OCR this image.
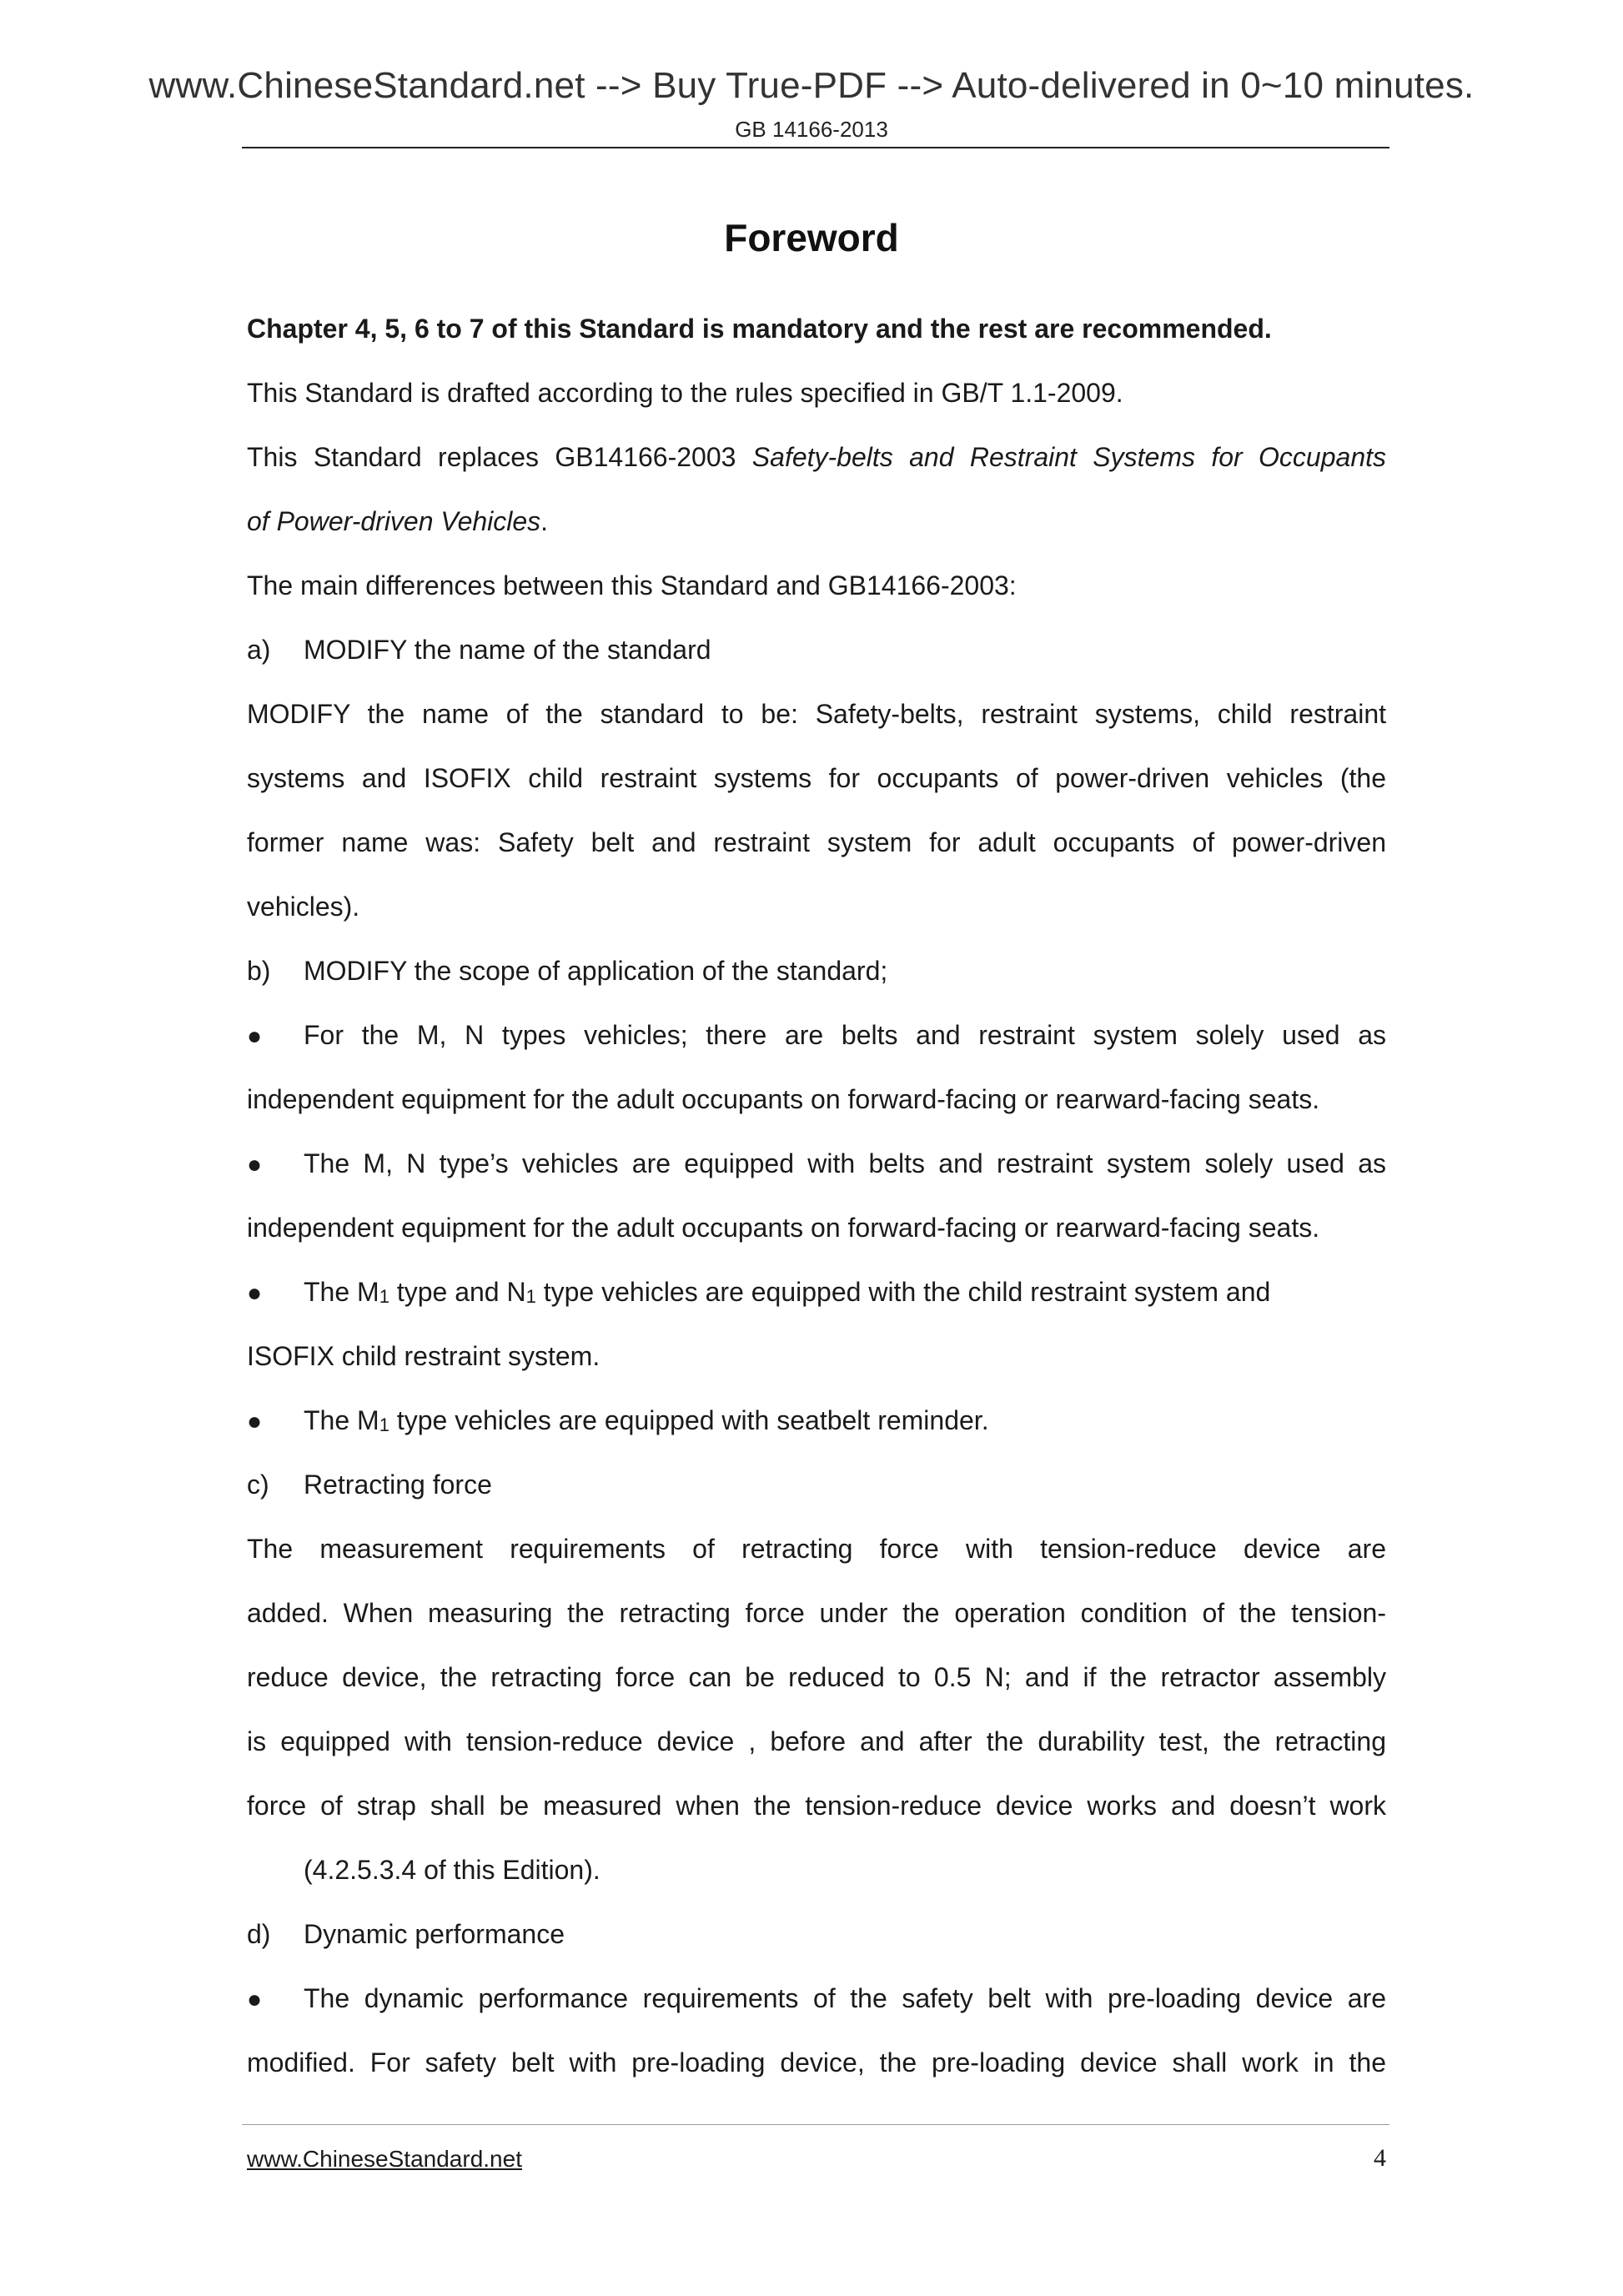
www.ChineseStandard.net --> Buy True-PDF --> Auto-delivered in 0~10 minutes.
GB 14166-2013
Foreword
Chapter 4, 5, 6 to 7 of this Standard is mandatory and the rest are recommended.
This Standard is drafted according to the rules specified in GB/T 1.1-2009.
This Standard replaces GB14166-2003 Safety-belts and Restraint Systems for Occupants
of Power-driven Vehicles.
The main differences between this Standard and GB14166-2003:
a) MODIFY the name of the standard
MODIFY the name of the standard to be: Safety-belts, restraint systems, child restraint
systems and ISOFIX child restraint systems for occupants of power-driven vehicles (the
former name was: Safety belt and restraint system for adult occupants of power-driven
vehicles).
b) MODIFY the scope of application of the standard;
●	For the M, N types vehicles; there are belts and restraint system solely used as
independent equipment for the adult occupants on forward-facing or rearward-facing seats.
●	The M, N type’s vehicles are equipped with belts and restraint system solely used as
independent equipment for the adult occupants on forward-facing or rearward-facing seats.
●	The $M_1$ type and $N_1$ type vehicles are equipped with the child restraint system and
ISOFIX child restraint system.
●	The $M_1$ type vehicles are equipped with seatbelt reminder.
c) Retracting force
The measurement requirements of retracting force with tension-reduce device are
added. When measuring the retracting force under the operation condition of the tension-
reduce device, the retracting force can be reduced to 0.5 N; and if the retractor assembly
is equipped with tension-reduce device , before and after the durability test, the retracting
force of strap shall be measured when the tension-reduce device works and doesn’t work
(4.2.5.3.4 of this Edition).
d) Dynamic performance
●	The dynamic performance requirements of the safety belt with pre-loading device are
modified. For safety belt with pre-loading device, the pre-loading device shall work in the
www.ChineseStandard.net	4
